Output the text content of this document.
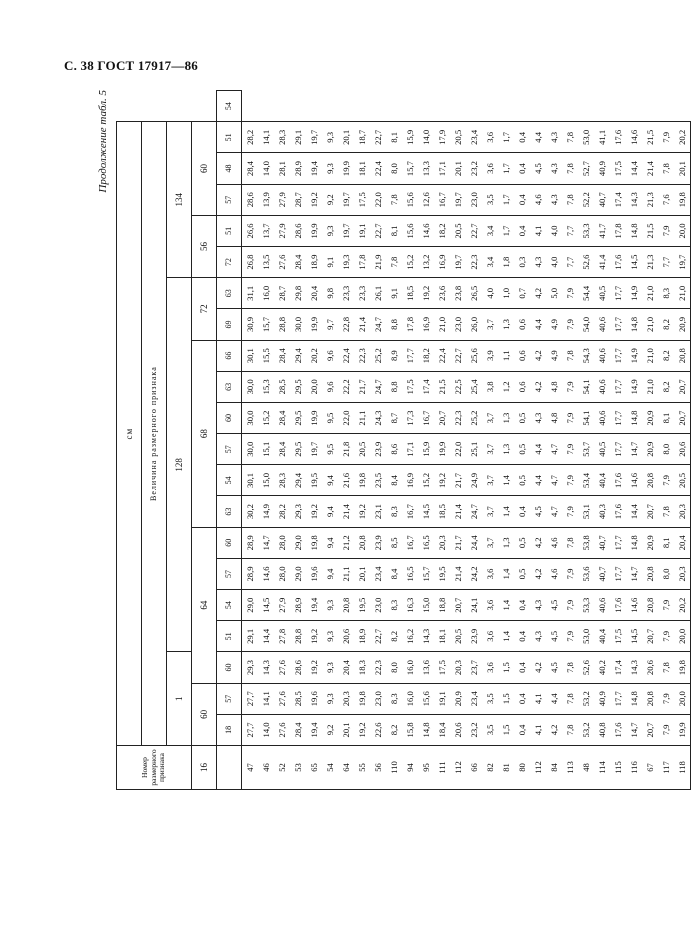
С. 38 ГОСТ 17917—86
Продолжение табл. 5
Номер размерного признака	см																				
	Величина размерного признака																				
	1			128												134					
16	60		64					68						72		56		60			
	18	57	60	51	54	57	60	63	54	57	60	63	66	69	63	72	51	57	48	51	54
47	27,7	27,7	29,3	29,1	29,0	28,9	28,9	30,2	30,1	30,0	30,0	30,0	30,1	30,9	31,1	26,8	26,6	28,6	28,4	28,2	
46	14,0	14,1	14,3	14,4	14,5	14,6	14,7	14,9	15,0	15,1	15,2	15,3	15,5	15,7	16,0	13,5	13,7	13,9	14,0	14,1	
52	27,6	27,6	27,6	27,8	27,9	28,0	28,0	28,2	28,3	28,4	28,4	28,5	28,4	28,8	28,7	27,6	27,9	27,9	28,1	28,3	
53	28,4	28,5	28,6	28,8	28,9	29,0	29,0	29,3	29,4	29,5	29,5	29,5	29,4	30,0	29,8	28,4	28,6	28,7	28,9	29,1	
65	19,4	19,6	19,2	19,2	19,4	19,6	19,8	19,2	19,5	19,7	19,9	20,0	20,2	19,9	20,4	18,9	19,9	19,2	19,4	19,7	
54	9,2	9,3	9,3	9,3	9,3	9,4	9,4	9,4	9,4	9,5	9,5	9,6	9,6	9,7	9,8	9,1	9,3	9,2	9,3	9,3	
64	20,1	20,3	20,4	20,6	20,8	21,1	21,2	21,4	21,6	21,8	22,0	22,2	22,4	22,8	23,3	19,3	19,7	19,7	19,9	20,1	
55	19,2	19,8	18,3	18,9	19,5	20,1	20,8	19,2	19,8	20,5	21,1	21,7	22,3	21,4	23,3	17,8	19,1	17,5	18,1	18,7	
56	22,6	23,0	22,3	22,7	23,0	23,4	23,9	23,1	23,5	23,9	24,3	24,7	25,2	24,7	26,1	21,9	22,7	22,0	22,4	22,7	
110	8,2	8,3	8,0	8,2	8,3	8,4	8,5	8,3	8,4	8,6	8,7	8,8	8,9	8,8	9,1	7,8	8,1	7,8	8,0	8,1	
94	15,8	16,0	16,0	16,2	16,3	16,5	16,7	16,7	16,9	17,1	17,3	17,5	17,7	17,8	18,5	15,2	15,6	15,6	15,7	15,9	
95	14,8	15,6	13,6	14,3	15,0	15,7	16,5	14,5	15,2	15,9	16,7	17,4	18,2	16,9	19,2	13,2	14,6	12,6	13,3	14,0	
111	18,4	19,1	17,5	18,1	18,8	19,5	20,3	18,5	19,2	19,9	20,7	21,5	22,4	21,0	23,6	16,9	18,2	16,7	17,1	17,9	
112	20,6	20,9	20,3	20,5	20,7	21,4	21,7	21,4	21,7	22,0	22,3	22,5	22,7	23,0	23,8	19,7	20,5	19,7	20,1	20,5	
66	23,2	23,4	23,7	23,9	24,1	24,2	24,4	24,7	24,9	25,1	25,2	25,4	25,6	26,0	26,5	22,3	22,7	23,0	23,2	23,4	
82	3,5	3,5	3,6	3,6	3,6	3,6	3,7	3,7	3,7	3,7	3,7	3,8	3,9	3,7	4,0	3,4	3,4	3,5	3,6	3,6	
81	1,5	1,5	1,5	1,4	1,4	1,4	1,3	1,4	1,4	1,3	1,3	1,2	1,1	1,3	1,0	1,8	1,7	1,7	1,7	1,7	
80	0,4	0,4	0,4	0,4	0,4	0,5	0,5	0,4	0,5	0,5	0,5	0,6	0,6	0,6	0,7	0,3	0,4	0,4	0,4	0,4	
112	4,1	4,1	4,2	4,3	4,3	4,2	4,2	4,5	4,4	4,4	4,3	4,2	4,2	4,4	4,2	4,3	4,1	4,6	4,5	4,4	
84	4,2	4,4	4,5	4,5	4,5	4,6	4,6	4,7	4,7	4,7	4,8	4,8	4,9	4,9	5,0	4,0	4,0	4,3	4,3	4,3	
113	7,8	7,8	7,8	7,9	7,9	7,9	7,8	7,9	7,9	7,9	7,9	7,9	7,8	7,9	7,9	7,7	7,7	7,8	7,8	7,8	
48	53,2	53,2	52,6	53,0	53,3	53,6	53,8	53,1	53,4	53,7	54,1	54,1	54,3	54,0	54,4	52,6	53,3	52,2	52,7	53,0	
114	40,8	40,9	40,2	40,4	40,6	40,7	40,7	40,3	40,4	40,5	40,6	40,6	40,6	40,6	40,5	41,4	41,7	40,7	40,9	41,1	
115	17,6	17,7	17,4	17,5	17,6	17,7	17,7	17,6	17,6	17,7	17,7	17,7	17,7	17,7	17,7	17,6	17,8	17,4	17,5	17,6	
116	14,7	14,8	14,3	14,5	14,6	14,7	14,8	14,4	14,6	14,7	14,8	14,9	14,9	14,8	14,9	14,5	14,8	14,3	14,4	14,6	
67	20,7	20,8	20,6	20,7	20,8	20,8	20,9	20,7	20,8	20,9	20,9	21,0	21,0	21,0	21,0	21,3	21,5	21,3	21,4	21,5	
117	7,9	7,9	7,8	7,9	7,9	8,0	8,1	7,8	7,9	8,0	8,1	8,2	8,2	8,2	8,3	7,7	7,9	7,6	7,8	7,9	
118	19,9	20,0	19,8	20,0	20,2	20,3	20,4	20,3	20,5	20,6	20,7	20,7	20,8	20,9	21,0	19,7	20,0	19,8	20,1	20,2	
